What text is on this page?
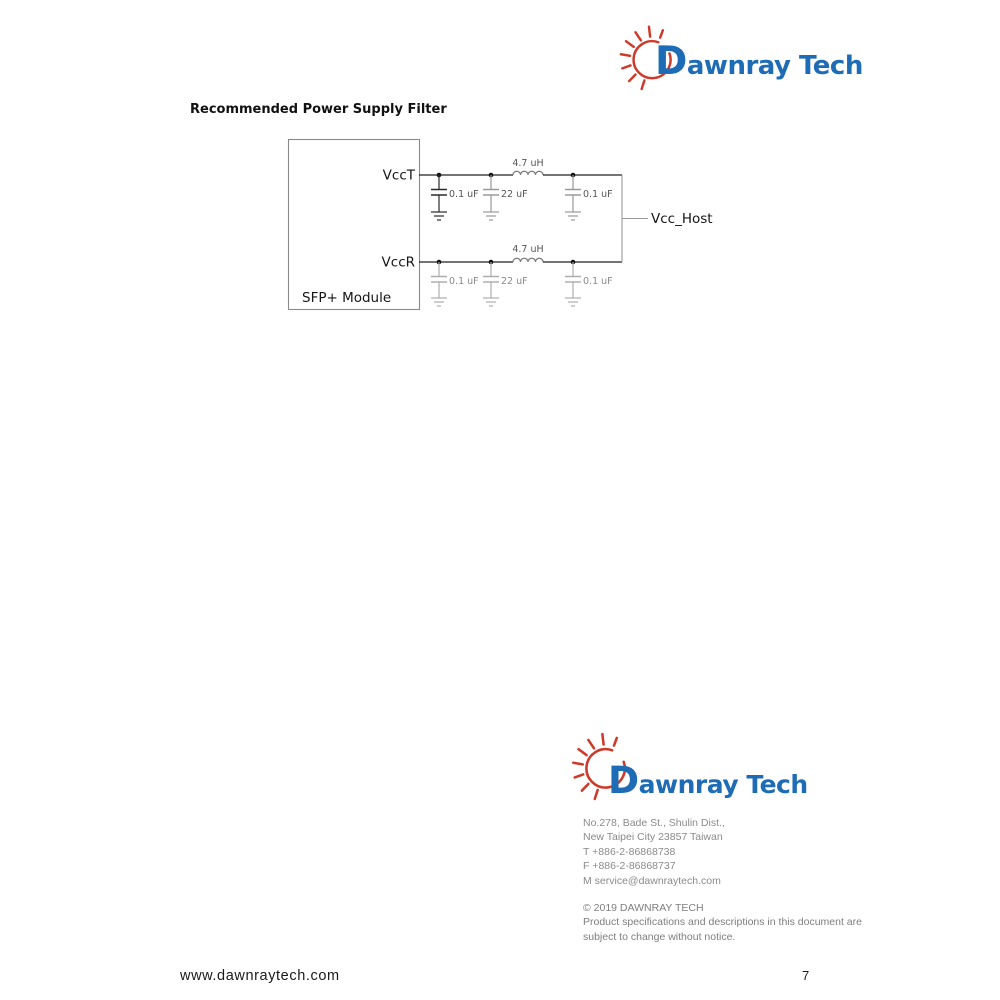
Dawnray Tech
Recommended Power Supply Filter
SFP+ Module
VccT
VccR
4.7 uH
0.1 uF 22 uF	0.1 uF
4.7 uH
0.1 uF 22 uF	0.1 uF
Vcc_Host
Dawnray Tech
No.278, Bade St., Shulin Dist.,
New Taipei City 23857 Taiwan
T +886-2-86868738
F +886-2-86868737
M service@dawnraytech.com
© 2019 DAWNRAY TECH
Product specifications and descriptions in this document are
subject to change without notice.
www.dawnraytech.com	7
